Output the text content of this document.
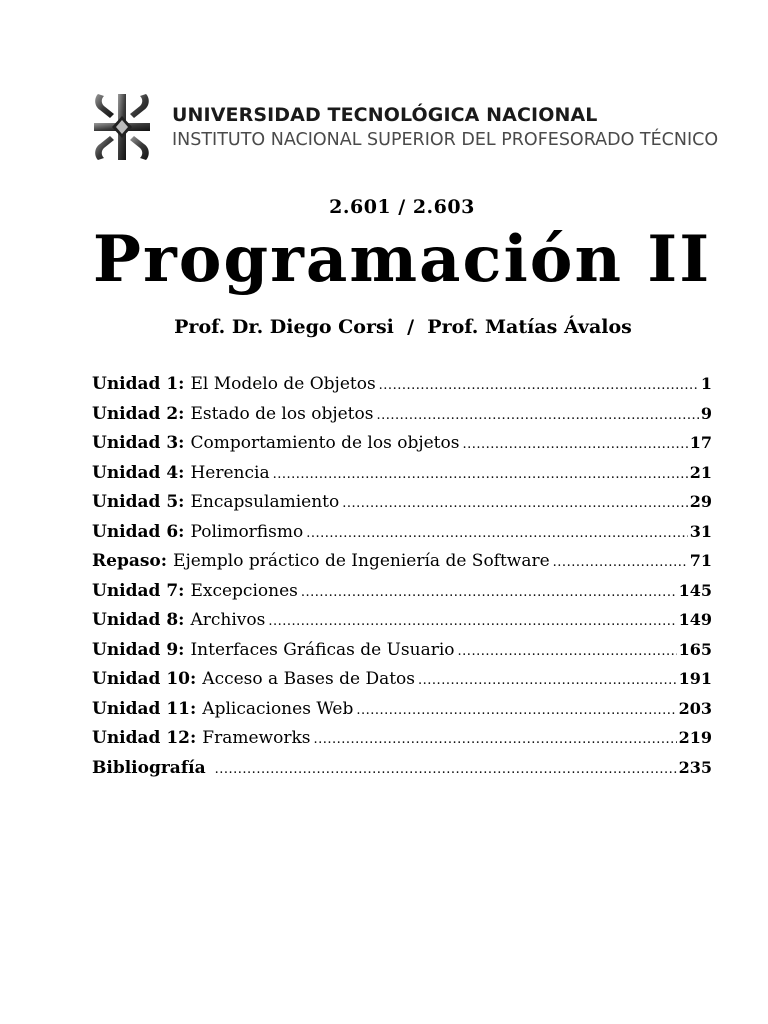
UNIVERSIDAD TECNOLÓGICA NACIONAL
INSTITUTO NACIONAL SUPERIOR DEL PROFESORADO TÉCNICO
2.601 / 2.603
Programación II
Prof. Dr. Diego Corsi  /  Prof. Matías Ávalos
Unidad 1: El Modelo de Objetos .....	1
Unidad 2: Estado de los objetos .....	9
Unidad 3: Comportamiento de los objetos .....	17
Unidad 4: Herencia .....	21
Unidad 5: Encapsulamiento .....	29
Unidad 6: Polimorfismo .....	31
Repaso: Ejemplo práctico de Ingeniería de Software .....	71
Unidad 7: Excepciones .....	145
Unidad 8: Archivos .....	149
Unidad 9: Interfaces Gráficas de Usuario .....	165
Unidad 10: Acceso a Bases de Datos .....	191
Unidad 11: Aplicaciones Web .....	203
Unidad 12: Frameworks .....	219
Bibliografía .....	235
